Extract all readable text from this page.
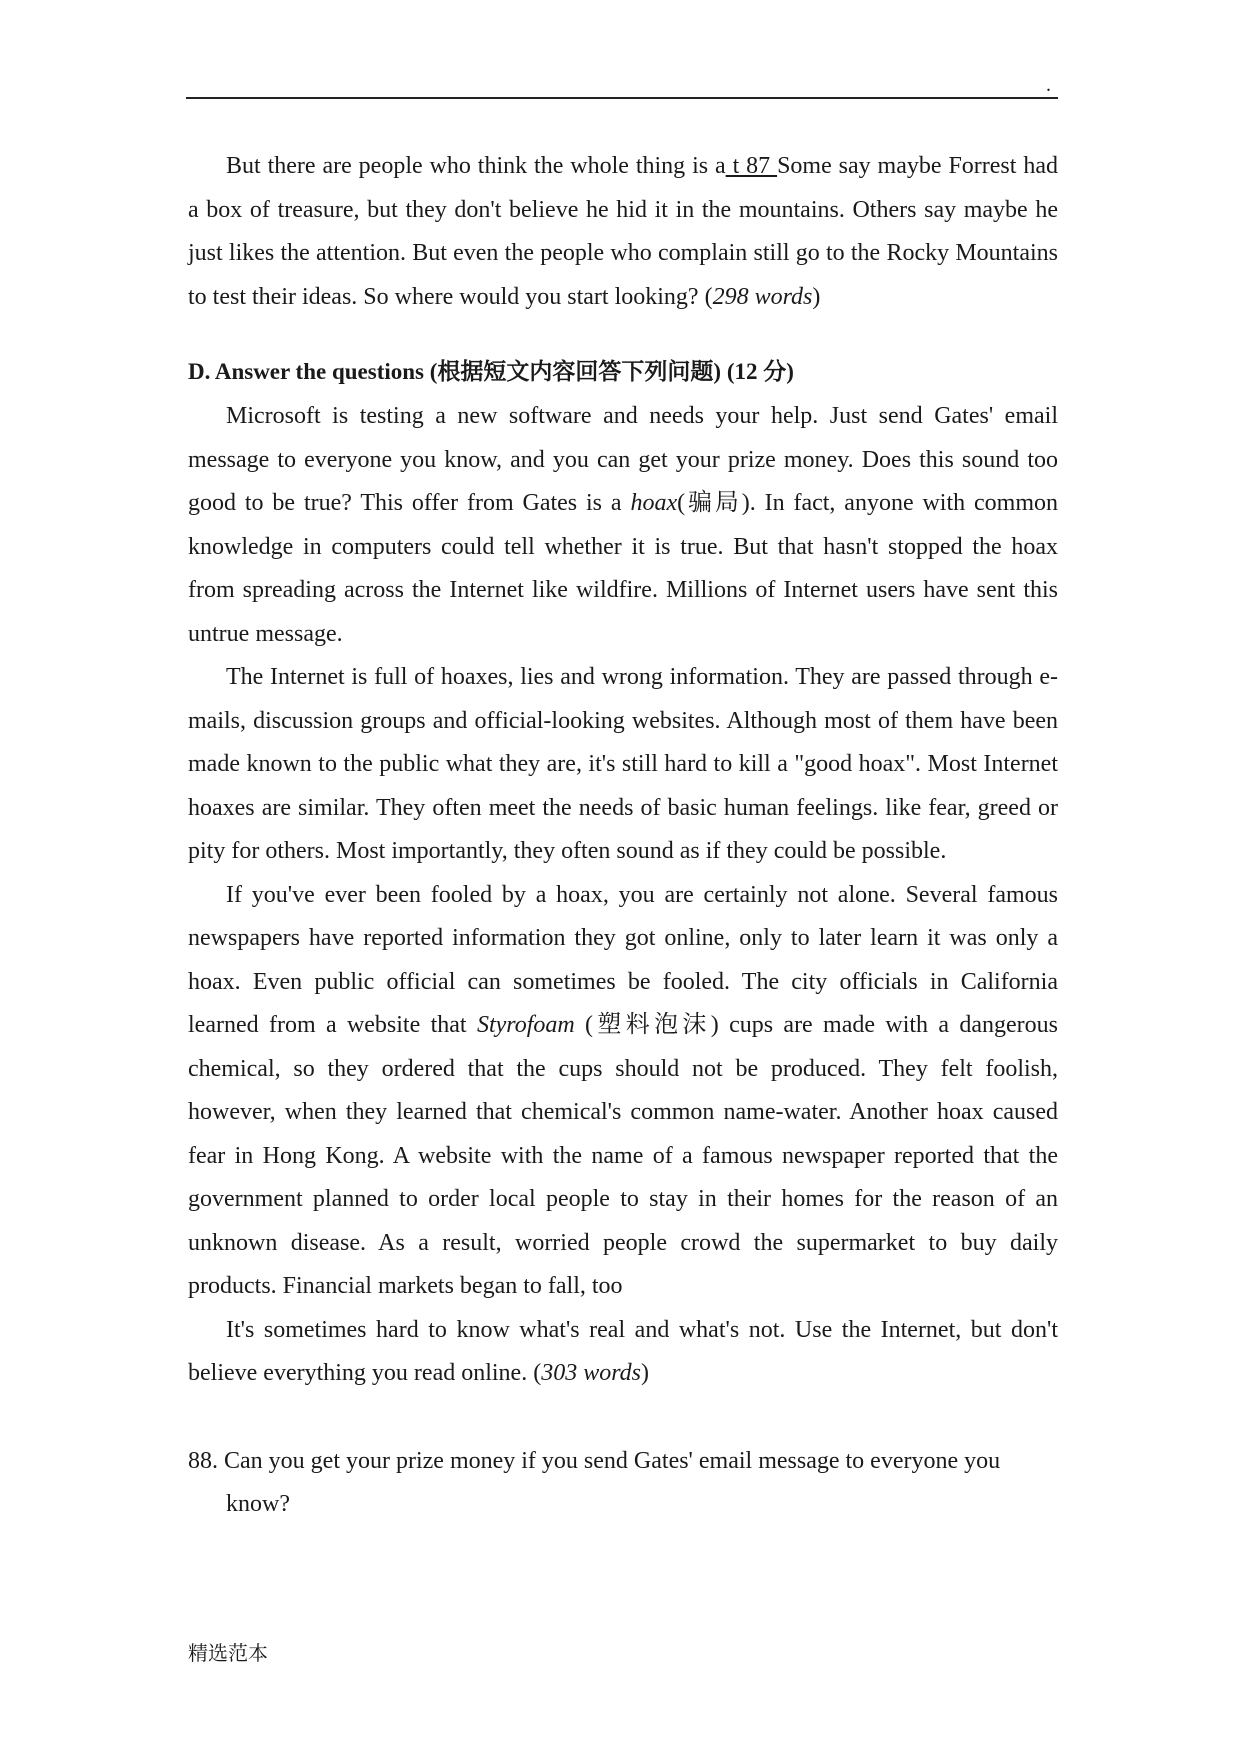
.

But there are people who think the whole thing is a t 87 Some say maybe Forrest had a box of treasure, but they don't believe he hid it in the mountains. Others say maybe he just likes the attention. But even the people who complain still go to the Rocky Mountains to test their ideas. So where would you start looking? (298 words)

D. Answer the questions (根据短文内容回答下列问题) (12 分)

Microsoft is testing a new software and needs your help. Just send Gates' email message to everyone you know, and you can get your prize money. Does this sound too good to be true? This offer from Gates is a hoax(骗局). In fact, anyone with common knowledge in computers could tell whether it is true. But that hasn't stopped the hoax from spreading across the Internet like wildfire. Millions of Internet users have sent this untrue message.

The Internet is full of hoaxes, lies and wrong information. They are passed through e-mails, discussion groups and official-looking websites. Although most of them have been made known to the public what they are, it's still hard to kill a "good hoax". Most Internet hoaxes are similar. They often meet the needs of basic human feelings. like fear, greed or pity for others. Most importantly, they often sound as if they could be possible.

If you've ever been fooled by a hoax, you are certainly not alone. Several famous newspapers have reported information they got online, only to later learn it was only a hoax. Even public official can sometimes be fooled. The city officials in California learned from a website that Styrofoam (塑料泡沫) cups are made with a dangerous chemical, so they ordered that the cups should not be produced. They felt foolish, however, when they learned that chemical's common name-water. Another hoax caused fear in Hong Kong. A website with the name of a famous newspaper reported that the government planned to order local people to stay in their homes for the reason of an unknown disease. As a result, worried people crowd the supermarket to buy daily products. Financial markets began to fall, too

It's sometimes hard to know what's real and what's not. Use the Internet, but don't believe everything you read online. (303 words)

88. Can you get your prize money if you send Gates' email message to everyone you know?

精选范本
